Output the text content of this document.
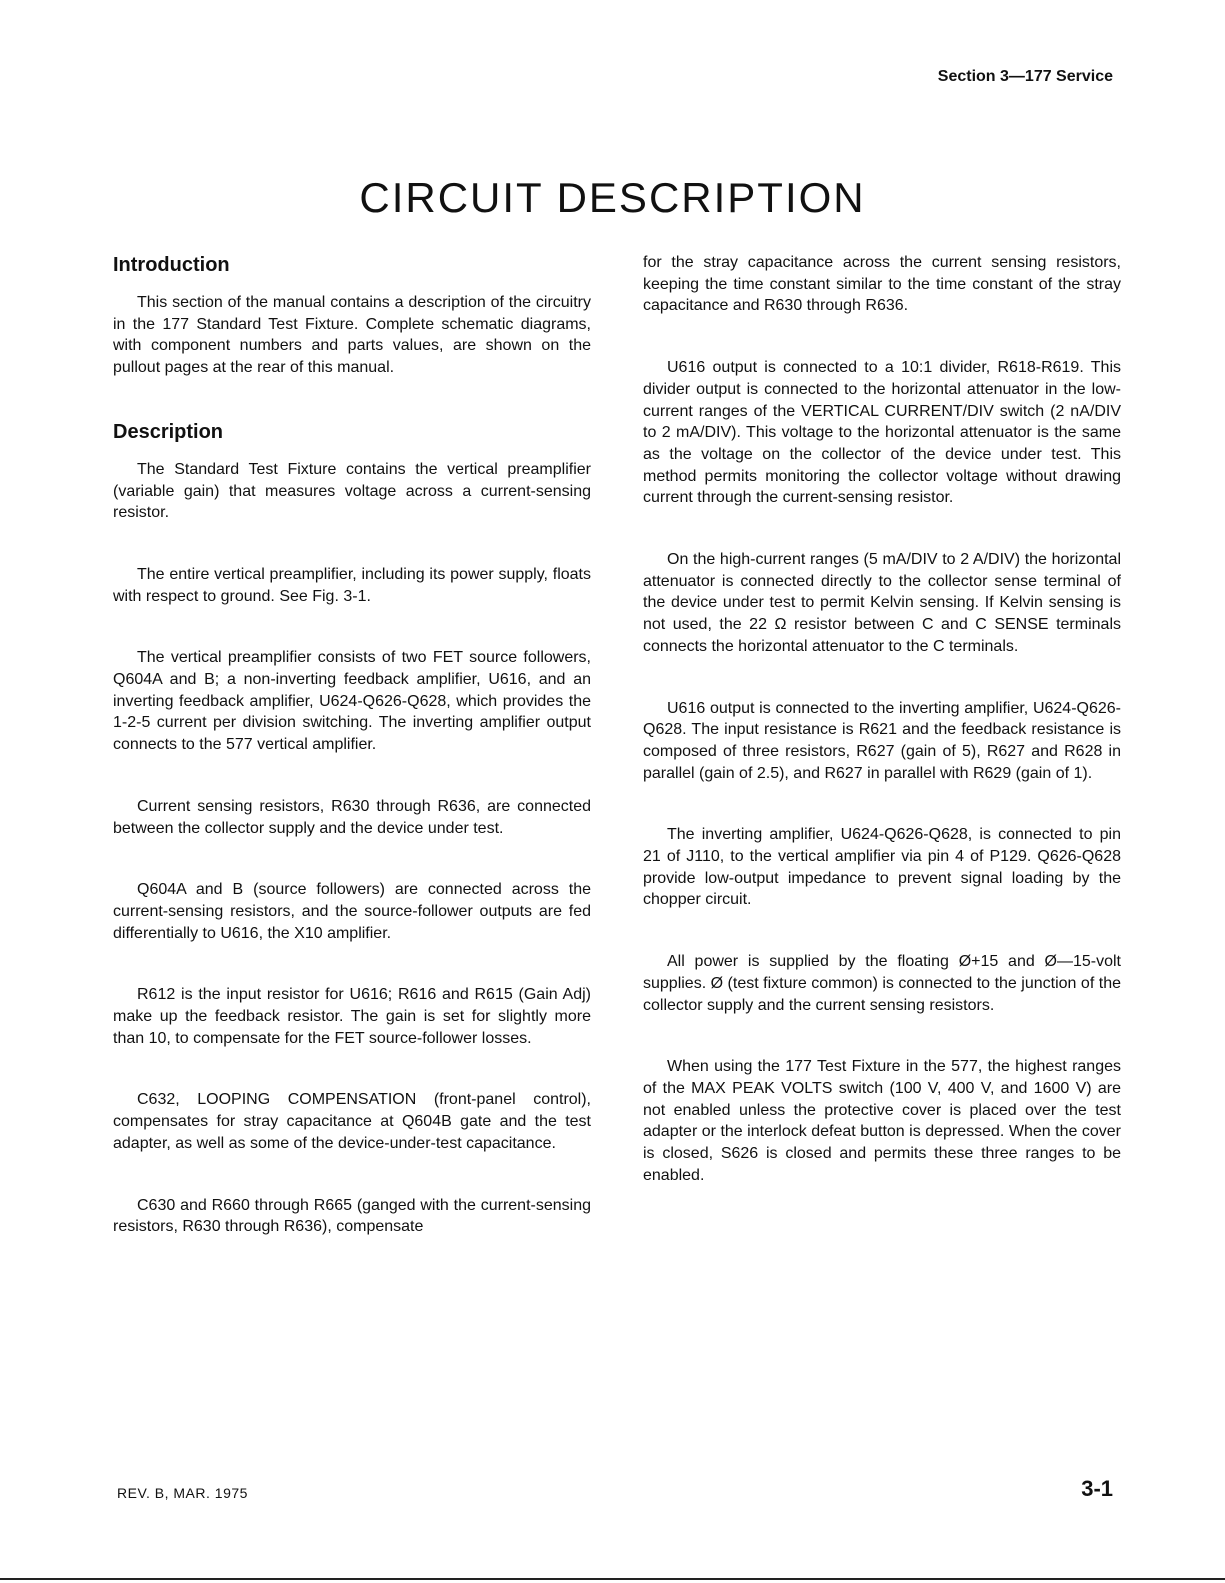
Section 3—177 Service
CIRCUIT DESCRIPTION
Introduction

This section of the manual contains a description of the circuitry in the 177 Standard Test Fixture. Complete schematic diagrams, with component numbers and parts values, are shown on the pullout pages at the rear of this manual.

Description

The Standard Test Fixture contains the vertical preamplifier (variable gain) that measures voltage across a current-sensing resistor.

The entire vertical preamplifier, including its power supply, floats with respect to ground. See Fig. 3-1.

The vertical preamplifier consists of two FET source followers, Q604A and B; a non-inverting feedback amplifier, U616, and an inverting feedback amplifier, U624-Q626-Q628, which provides the 1-2-5 current per division switching. The inverting amplifier output connects to the 577 vertical amplifier.

Current sensing resistors, R630 through R636, are connected between the collector supply and the device under test.

Q604A and B (source followers) are connected across the current-sensing resistors, and the source-follower outputs are fed differentially to U616, the X10 amplifier.

R612 is the input resistor for U616; R616 and R615 (Gain Adj) make up the feedback resistor. The gain is set for slightly more than 10, to compensate for the FET source-follower losses.

C632, LOOPING COMPENSATION (front-panel control), compensates for stray capacitance at Q604B gate and the test adapter, as well as some of the device-under-test capacitance.

C630 and R660 through R665 (ganged with the current-sensing resistors, R630 through R636), compensate

for the stray capacitance across the current sensing resistors, keeping the time constant similar to the time constant of the stray capacitance and R630 through R636.

U616 output is connected to a 10:1 divider, R618-R619. This divider output is connected to the horizontal attenuator in the low-current ranges of the VERTICAL CURRENT/DIV switch (2 nA/DIV to 2 mA/DIV). This voltage to the horizontal attenuator is the same as the voltage on the collector of the device under test. This method permits monitoring the collector voltage without drawing current through the current-sensing resistor.

On the high-current ranges (5 mA/DIV to 2 A/DIV) the horizontal attenuator is connected directly to the collector sense terminal of the device under test to permit Kelvin sensing. If Kelvin sensing is not used, the 22 Ω resistor between C and C SENSE terminals connects the horizontal attenuator to the C terminals.

U616 output is connected to the inverting amplifier, U624-Q626-Q628. The input resistance is R621 and the feedback resistance is composed of three resistors, R627 (gain of 5), R627 and R628 in parallel (gain of 2.5), and R627 in parallel with R629 (gain of 1).

The inverting amplifier, U624-Q626-Q628, is connected to pin 21 of J110, to the vertical amplifier via pin 4 of P129. Q626-Q628 provide low-output impedance to prevent signal loading by the chopper circuit.

All power is supplied by the floating Ø+15 and Ø—15-volt supplies. Ø (test fixture common) is connected to the junction of the collector supply and the current sensing resistors.

When using the 177 Test Fixture in the 577, the highest ranges of the MAX PEAK VOLTS switch (100 V, 400 V, and 1600 V) are not enabled unless the protective cover is placed over the test adapter or the interlock defeat button is depressed. When the cover is closed, S626 is closed and permits these three ranges to be enabled.

REV. B, MAR. 1975	3-1
